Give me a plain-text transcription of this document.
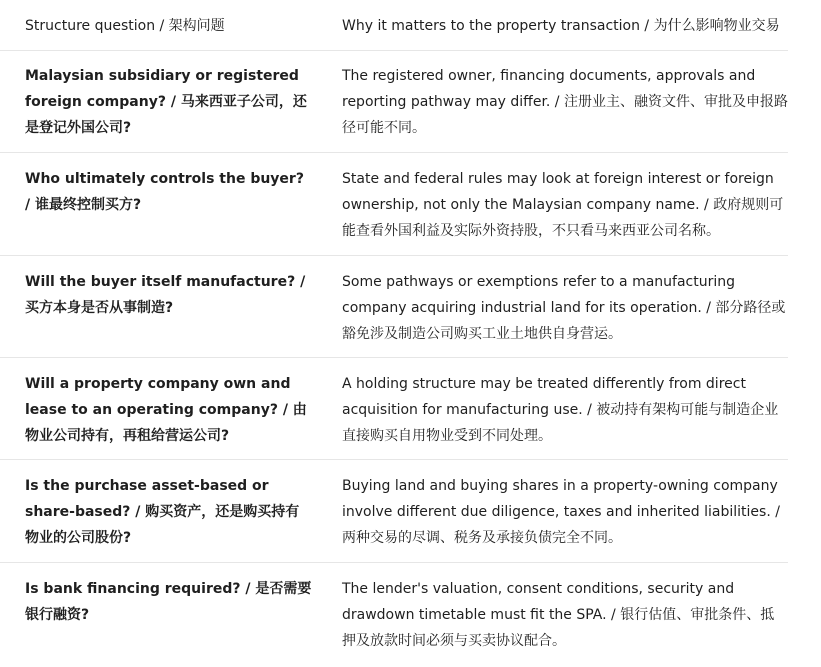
Structure question / 架构问题	Why it matters to the property transaction / 为什么影响物业交易
Malaysian subsidiary or registered foreign company? / 马来西亚子公司，还是登记外国公司?
The registered owner, financing documents, approvals and reporting pathway may differ. / 注册业主、融资文件、审批及申报路径可能不同。
Who ultimately controls the buyer? / 谁最终控制买方?
State and federal rules may look at foreign interest or foreign ownership, not only the Malaysian company name. / 政府规则可能查看外国利益及实际外资持股，不只看马来西亚公司名称。
Will the buyer itself manufacture? / 买方本身是否从事制造?
Some pathways or exemptions refer to a manufacturing company acquiring industrial land for its operation. / 部分路径或豁免涉及制造公司购买工业土地供自身营运。
Will a property company own and lease to an operating company? / 由物业公司持有，再租给营运公司?
A holding structure may be treated differently from direct acquisition for manufacturing use. / 被动持有架构可能与制造企业直接购买自用物业受到不同处理。
Is the purchase asset-based or share-based? / 购买资产，还是购买持有物业的公司股份?
Buying land and buying shares in a property-owning company involve different due diligence, taxes and inherited liabilities. / 两种交易的尽调、税务及承接负债完全不同。
Is bank financing required? / 是否需要银行融资?
The lender's valuation, consent conditions, security and drawdown timetable must fit the SPA. / 银行估值、审批条件、抵押及放款时间必须与买卖协议配合。
